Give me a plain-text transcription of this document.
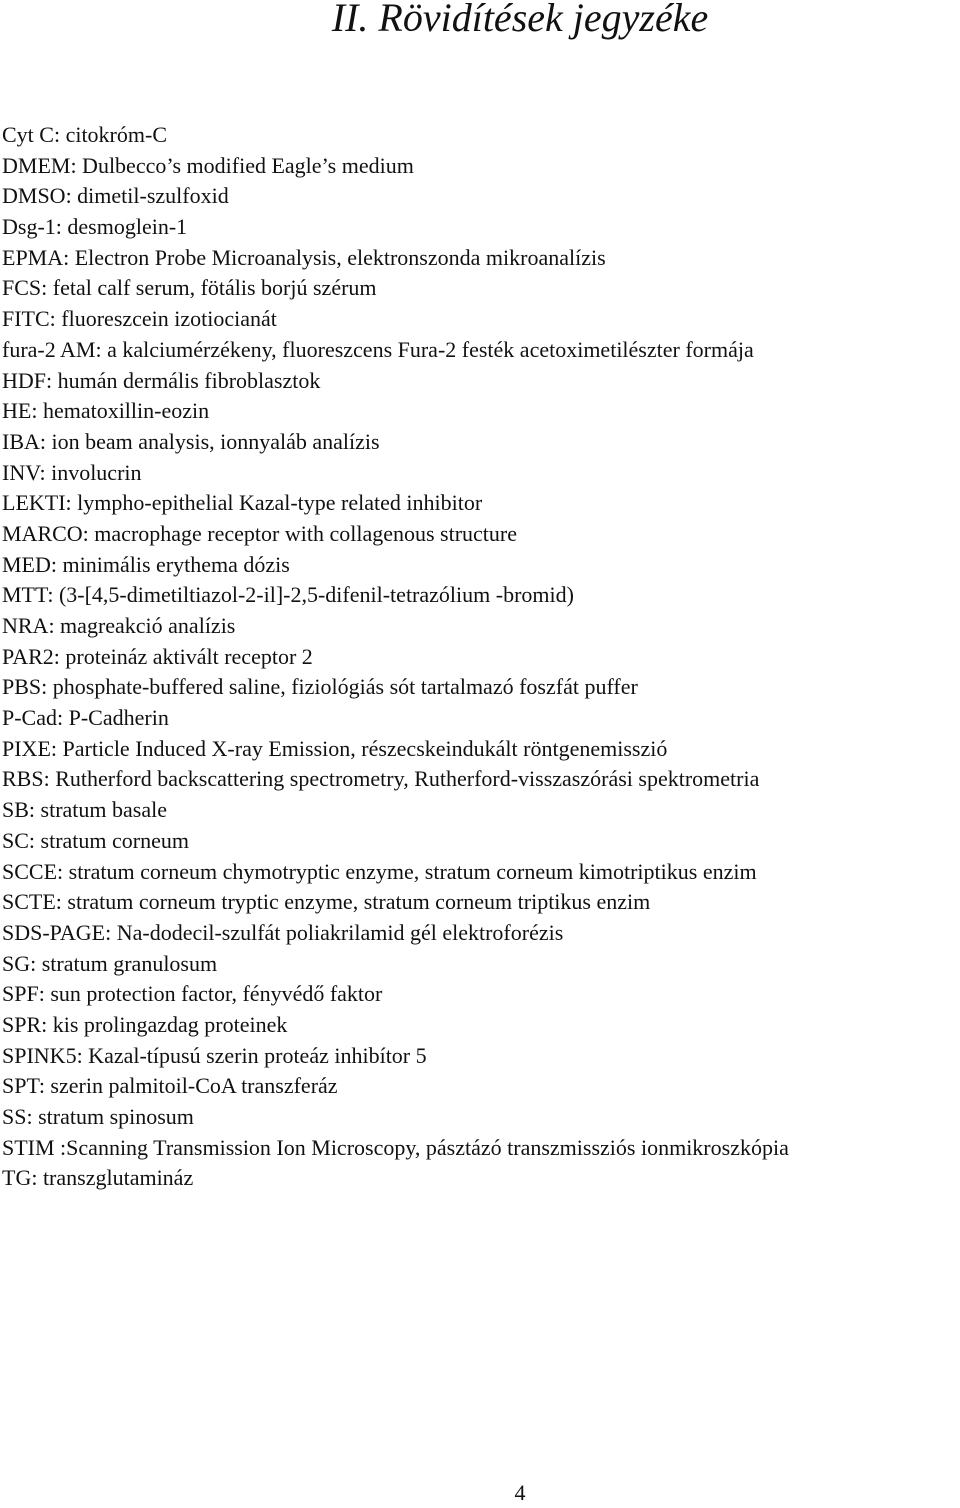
II. Rövidítések jegyzéke
Cyt C: citokróm-C
DMEM: Dulbecco’s modified Eagle’s medium
DMSO: dimetil-szulfoxid
Dsg-1: desmoglein-1
EPMA: Electron Probe Microanalysis, elektronszonda mikroanalízis
FCS: fetal calf serum, fötális borjú szérum
FITC: fluoreszcein izotiocianát
fura-2 AM: a kalciumérzékeny, fluoreszcens Fura-2 festék acetoximetilészter formája
HDF: humán dermális fibroblasztok
HE: hematoxillin-eozin
IBA: ion beam analysis, ionnyaláb analízis
INV: involucrin
LEKTI: lympho-epithelial Kazal-type related inhibitor
MARCO: macrophage receptor with collagenous structure
MED: minimális erythema dózis
MTT: (3-[4,5-dimetiltiazol-2-il]-2,5-difenil-tetrazólium -bromid)
NRA: magreakció analízis
PAR2: proteináz aktivált receptor 2
PBS: phosphate-buffered saline, fiziológiás sót tartalmazó foszfát puffer
P-Cad: P-Cadherin
PIXE: Particle Induced X-ray Emission, részecskeindukált röntgenemisszió
RBS: Rutherford backscattering spectrometry, Rutherford-visszaszórási spektrometria
SB: stratum basale
SC: stratum corneum
SCCE: stratum corneum chymotryptic enzyme, stratum corneum kimotriptikus enzim
SCTE: stratum corneum tryptic enzyme, stratum corneum triptikus enzim
SDS-PAGE: Na-dodecil-szulfát poliakrilamid gél elektroforézis
SG: stratum granulosum
SPF: sun protection factor, fényvédő faktor
SPR: kis prolingazdag proteinek
SPINK5: Kazal-típusú szerin proteáz inhibítor 5
SPT: szerin palmitoil-CoA transzferáz
SS: stratum spinosum
STIM :Scanning Transmission Ion Microscopy, pásztázó transzmissziós ionmikroszkópia
TG: transzglutamináz
4
